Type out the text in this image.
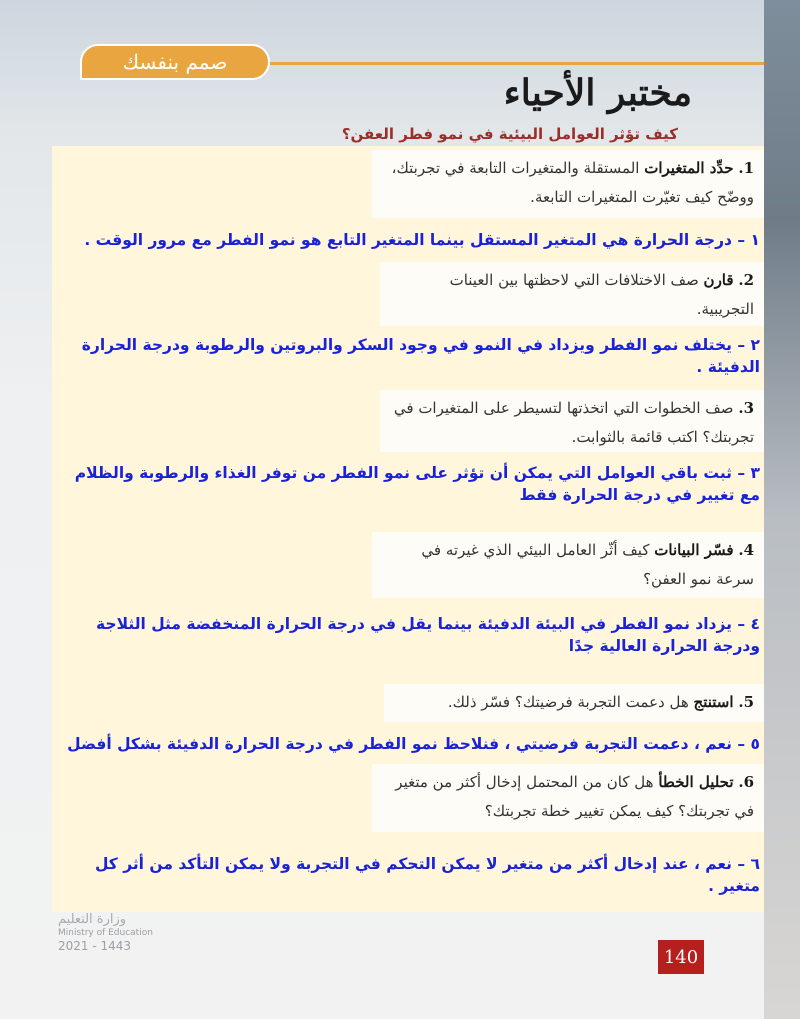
صمم بنفسك
مختبر الأحياء
كيف تؤثر العوامل البيئية في نمو فطر العفن؟
1. حدِّد المتغيرات المستقلة والمتغيرات التابعة في تجربتك، ووضّح كيف تغيّرت المتغيرات التابعة.
١ – درجة الحرارة هي المتغير المستقل بينما المتغير التابع هو نمو الفطر مع مرور الوقت .
2. قارن صف الاختلافات التي لاحظتها بين العينات التجريبية.
٢ – يختلف نمو الفطر ويزداد في النمو في وجود السكر والبروتين والرطوبة ودرجة الحرارة الدفيئة .
3. صف الخطوات التي اتخذتها لتسيطر على المتغيرات في تجربتك؟ اكتب قائمة بالثوابت.
٣ – ثبت باقي العوامل التي يمكن أن تؤثر على نمو الفطر من توفر الغذاء والرطوبة والظلام مع تغيير في درجة الحرارة فقط
4. فسّر البيانات كيف أثّر العامل البيئي الذي غيرته في سرعة نمو العفن؟
٤ – يزداد نمو الفطر في البيئة الدفيئة بينما يقل في درجة الحرارة المنخفضة مثل الثلاجة ودرجة الحرارة العالية جدًا
5. استنتج هل دعمت التجربة فرضيتك؟ فسّر ذلك.
٥ – نعم ، دعمت التجربة فرضيتي ، فنلاحظ نمو الفطر في درجة الحرارة الدفيئة بشكل أفضل
6. تحليل الخطأ هل كان من المحتمل إدخال أكثر من متغير في تجربتك؟ كيف يمكن تغيير خطة تجربتك؟
٦ – نعم ، عند إدخال أكثر من متغير لا يمكن التحكم في التجربة ولا يمكن التأكد من أثر كل متغير .
وزارة التعليم
Ministry of Education
2021 - 1443
140
